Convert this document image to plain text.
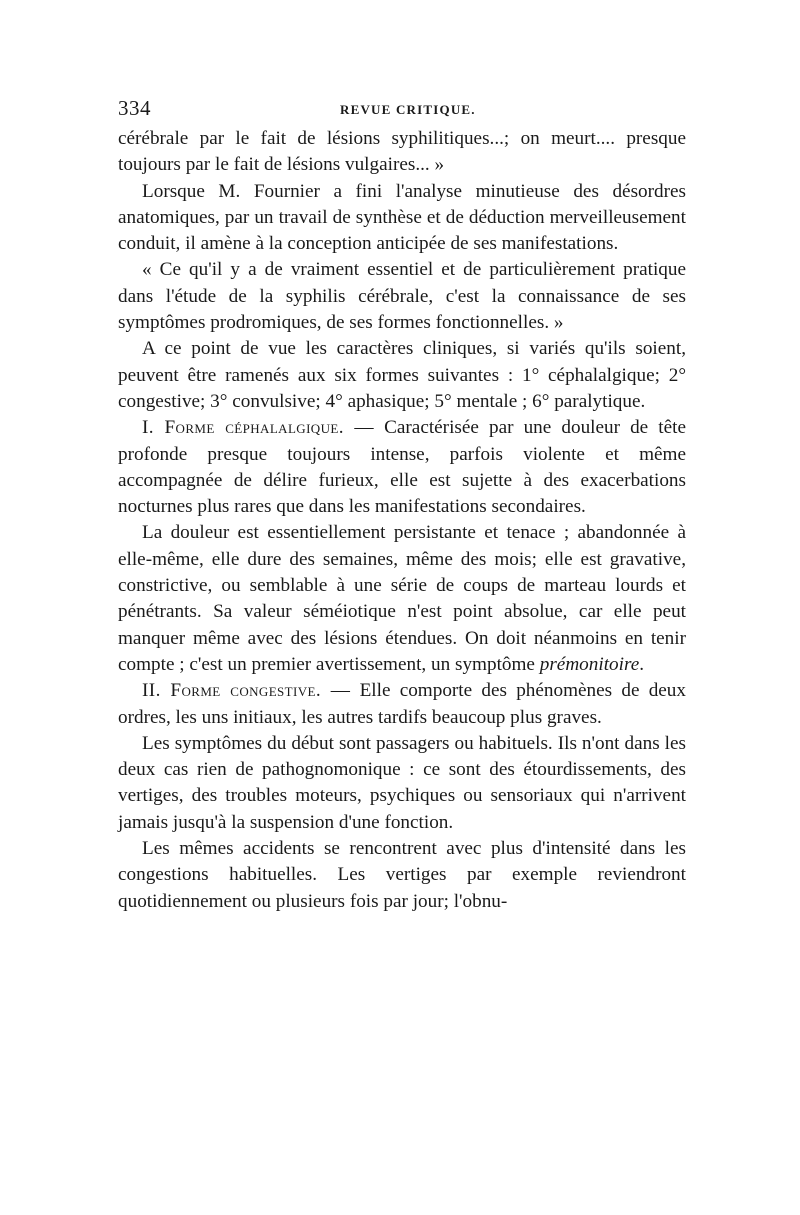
334	REVUE CRITIQUE.

cérébrale par le fait de lésions syphilitiques...; on meurt.... presque toujours par le fait de lésions vulgaires... »

Lorsque M. Fournier a fini l'analyse minutieuse des désordres anatomiques, par un travail de synthèse et de déduction merveilleusement conduit, il amène à la conception anticipée de ses manifestations.

« Ce qu'il y a de vraiment essentiel et de particulièrement pratique dans l'étude de la syphilis cérébrale, c'est la connaissance de ses symptômes prodromiques, de ses formes fonctionnelles. »

A ce point de vue les caractères cliniques, si variés qu'ils soient, peuvent être ramenés aux six formes suivantes : 1° céphalalgique; 2° congestive; 3° convulsive; 4° aphasique; 5° mentale ; 6° paralytique.

I. Forme céphalalgique. — Caractérisée par une douleur de tête profonde presque toujours intense, parfois violente et même accompagnée de délire furieux, elle est sujette à des exacerbations nocturnes plus rares que dans les manifestations secondaires.

La douleur est essentiellement persistante et tenace ; abandonnée à elle-même, elle dure des semaines, même des mois; elle est gravative, constrictive, ou semblable à une série de coups de marteau lourds et pénétrants. Sa valeur séméiotique n'est point absolue, car elle peut manquer même avec des lésions étendues. On doit néanmoins en tenir compte ; c'est un premier avertissement, un symptôme prémonitoire.

II. Forme congestive. — Elle comporte des phénomènes de deux ordres, les uns initiaux, les autres tardifs beaucoup plus graves.

Les symptômes du début sont passagers ou habituels. Ils n'ont dans les deux cas rien de pathognomonique : ce sont des étourdissements, des vertiges, des troubles moteurs, psychiques ou sensoriaux qui n'arrivent jamais jusqu'à la suspension d'une fonction.

Les mêmes accidents se rencontrent avec plus d'intensité dans les congestions habituelles. Les vertiges par exemple reviendront quotidiennement ou plusieurs fois par jour; l'obnu-
